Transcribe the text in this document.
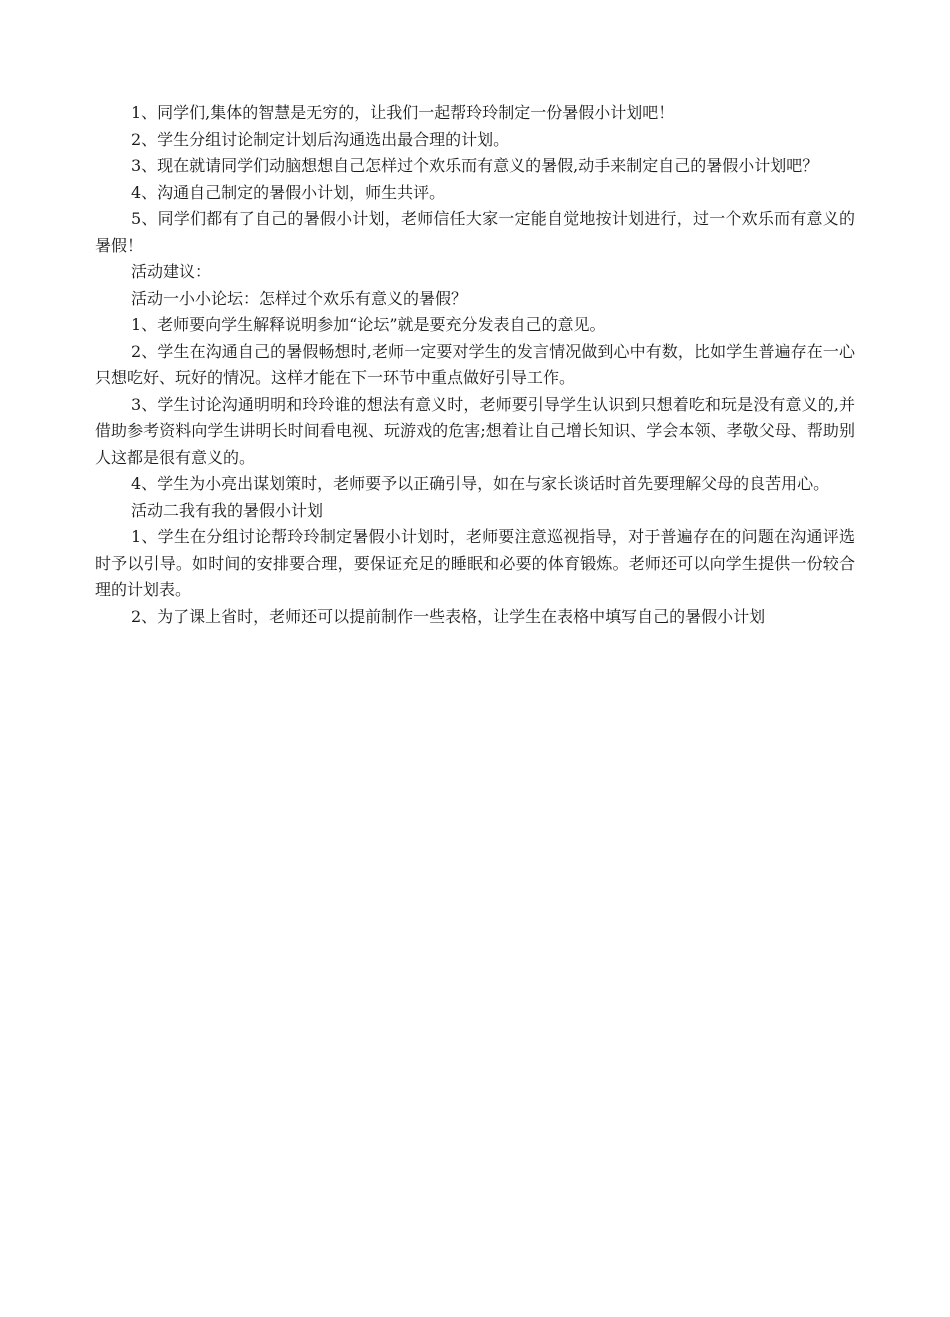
1、同学们,集体的智慧是无穷的，让我们一起帮玲玲制定一份暑假小计划吧！

2、学生分组讨论制定计划后沟通选出最合理的计划。

3、现在就请同学们动脑想想自己怎样过个欢乐而有意义的暑假,动手来制定自己的暑假小计划吧？

4、沟通自己制定的暑假小计划，师生共评。

5、同学们都有了自己的暑假小计划，老师信任大家一定能自觉地按计划进行，过一个欢乐而有意义的暑假！

活动建议：

活动一小小论坛：怎样过个欢乐有意义的暑假？

1、老师要向学生解释说明参加“论坛”就是要充分发表自己的意见。

2、学生在沟通自己的暑假畅想时,老师一定要对学生的发言情况做到心中有数，比如学生普遍存在一心只想吃好、玩好的情况。这样才能在下一环节中重点做好引导工作。

3、学生讨论沟通明明和玲玲谁的想法有意义时，老师要引导学生认识到只想着吃和玩是没有意义的,并借助参考资料向学生讲明长时间看电视、玩游戏的危害;想着让自己增长知识、学会本领、孝敬父母、帮助别人这都是很有意义的。

4、学生为小亮出谋划策时，老师要予以正确引导，如在与家长谈话时首先要理解父母的良苦用心。

活动二我有我的暑假小计划

1、学生在分组讨论帮玲玲制定暑假小计划时，老师要注意巡视指导，对于普遍存在的问题在沟通评选时予以引导。如时间的安排要合理，要保证充足的睡眠和必要的体育锻炼。老师还可以向学生提供一份较合理的计划表。

2、为了课上省时，老师还可以提前制作一些表格，让学生在表格中填写自己的暑假小计划
